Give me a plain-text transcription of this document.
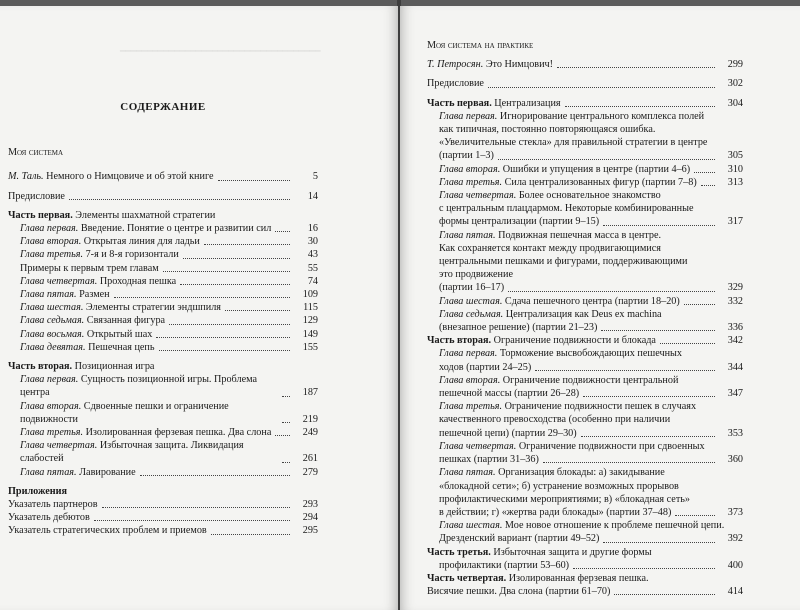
━━━━━━━━━━━━━━━━━━━━━━━━━━━━━━━━━━━━━
СОДЕРЖАНИЕ
Моя система
М. Таль. Немного о Нимцовиче и об этой книге	5
Предисловие	14
Часть первая. Элементы шахматной стратегии
Глава первая. Введение. Понятие о центре и развитии сил	16
Глава вторая. Открытая линия для ладьи	30
Глава третья. 7-я и 8-я горизонтали	43
Примеры к первым трем главам	55
Глава четвертая. Проходная пешка	74
Глава пятая. Размен	109
Глава шестая. Элементы стратегии эндшпиля	115
Глава седьмая. Связанная фигура	129
Глава восьмая. Открытый шах	149
Глава девятая. Пешечная цепь	155
Часть вторая. Позиционная игра
Глава первая. Сущность позиционной игры. Проблема центра	187
Глава вторая. Сдвоенные пешки и ограничение подвижности	219
Глава третья. Изолированная ферзевая пешка. Два слона	249
Глава четвертая. Избыточная защита. Ликвидация слабостей	261
Глава пятая. Лавирование	279
Приложения
Указатель партнеров	293
Указатель дебютов	294
Указатель стратегических проблем и приемов	295
Моя система на практике
Т. Петросян. Это Нимцович!	299
Предисловие	302
Часть первая. Централизация	304
Глава первая. Игнорирование центрального комплекса полей
как типичная, постоянно повторяющаяся ошибка.
«Увеличительные стекла» для правильной стратегии в центре
(партии 1–3)	305
Глава вторая. Ошибки и упущения в центре (партии 4–6)	310
Глава третья. Сила централизованных фигур (партии 7–8)	313
Глава четвертая. Более основательное знакомство
с центральным плацдармом. Некоторые комбинированные
формы централизации (партии 9–15)	317
Глава пятая. Подвижная пешечная масса в центре.
Как сохраняется контакт между продвигающимися
центральными пешками и фигурами, поддерживающими
это продвижение
(партии 16–17)	329
Глава шестая. Сдача пешечного центра (партии 18–20)	332
Глава седьмая. Централизация как Deus ex machina
(внезапное решение) (партии 21–23)	336
Часть вторая. Ограничение подвижности и блокада	342
Глава первая. Торможение высвобождающих пешечных
ходов (партии 24–25)	344
Глава вторая. Ограничение подвижности центральной
пешечной массы (партии 26–28)	347
Глава третья. Ограничение подвижности пешек в случаях
качественного превосходства (особенно при наличии
пешечной цепи) (партии 29–30)	353
Глава четвертая. Ограничение подвижности при сдвоенных
пешках (партии 31–36)	360
Глава пятая. Организация блокады: а) закидывание
«блокадной сети»; б) устранение возможных прорывов
профилактическими мероприятиями; в) «блокадная сеть»
в действии; г) «жертва ради блокады» (партии 37–48)	373
Глава шестая. Мое новое отношение к проблеме пешечной цепи.
Дрезденский вариант (партии 49–52)	392
Часть третья. Избыточная защита и другие формы
профилактики (партии 53–60)	400
Часть четвертая. Изолированная ферзевая пешка.
Висячие пешки. Два слона (партии 61–70)	414
